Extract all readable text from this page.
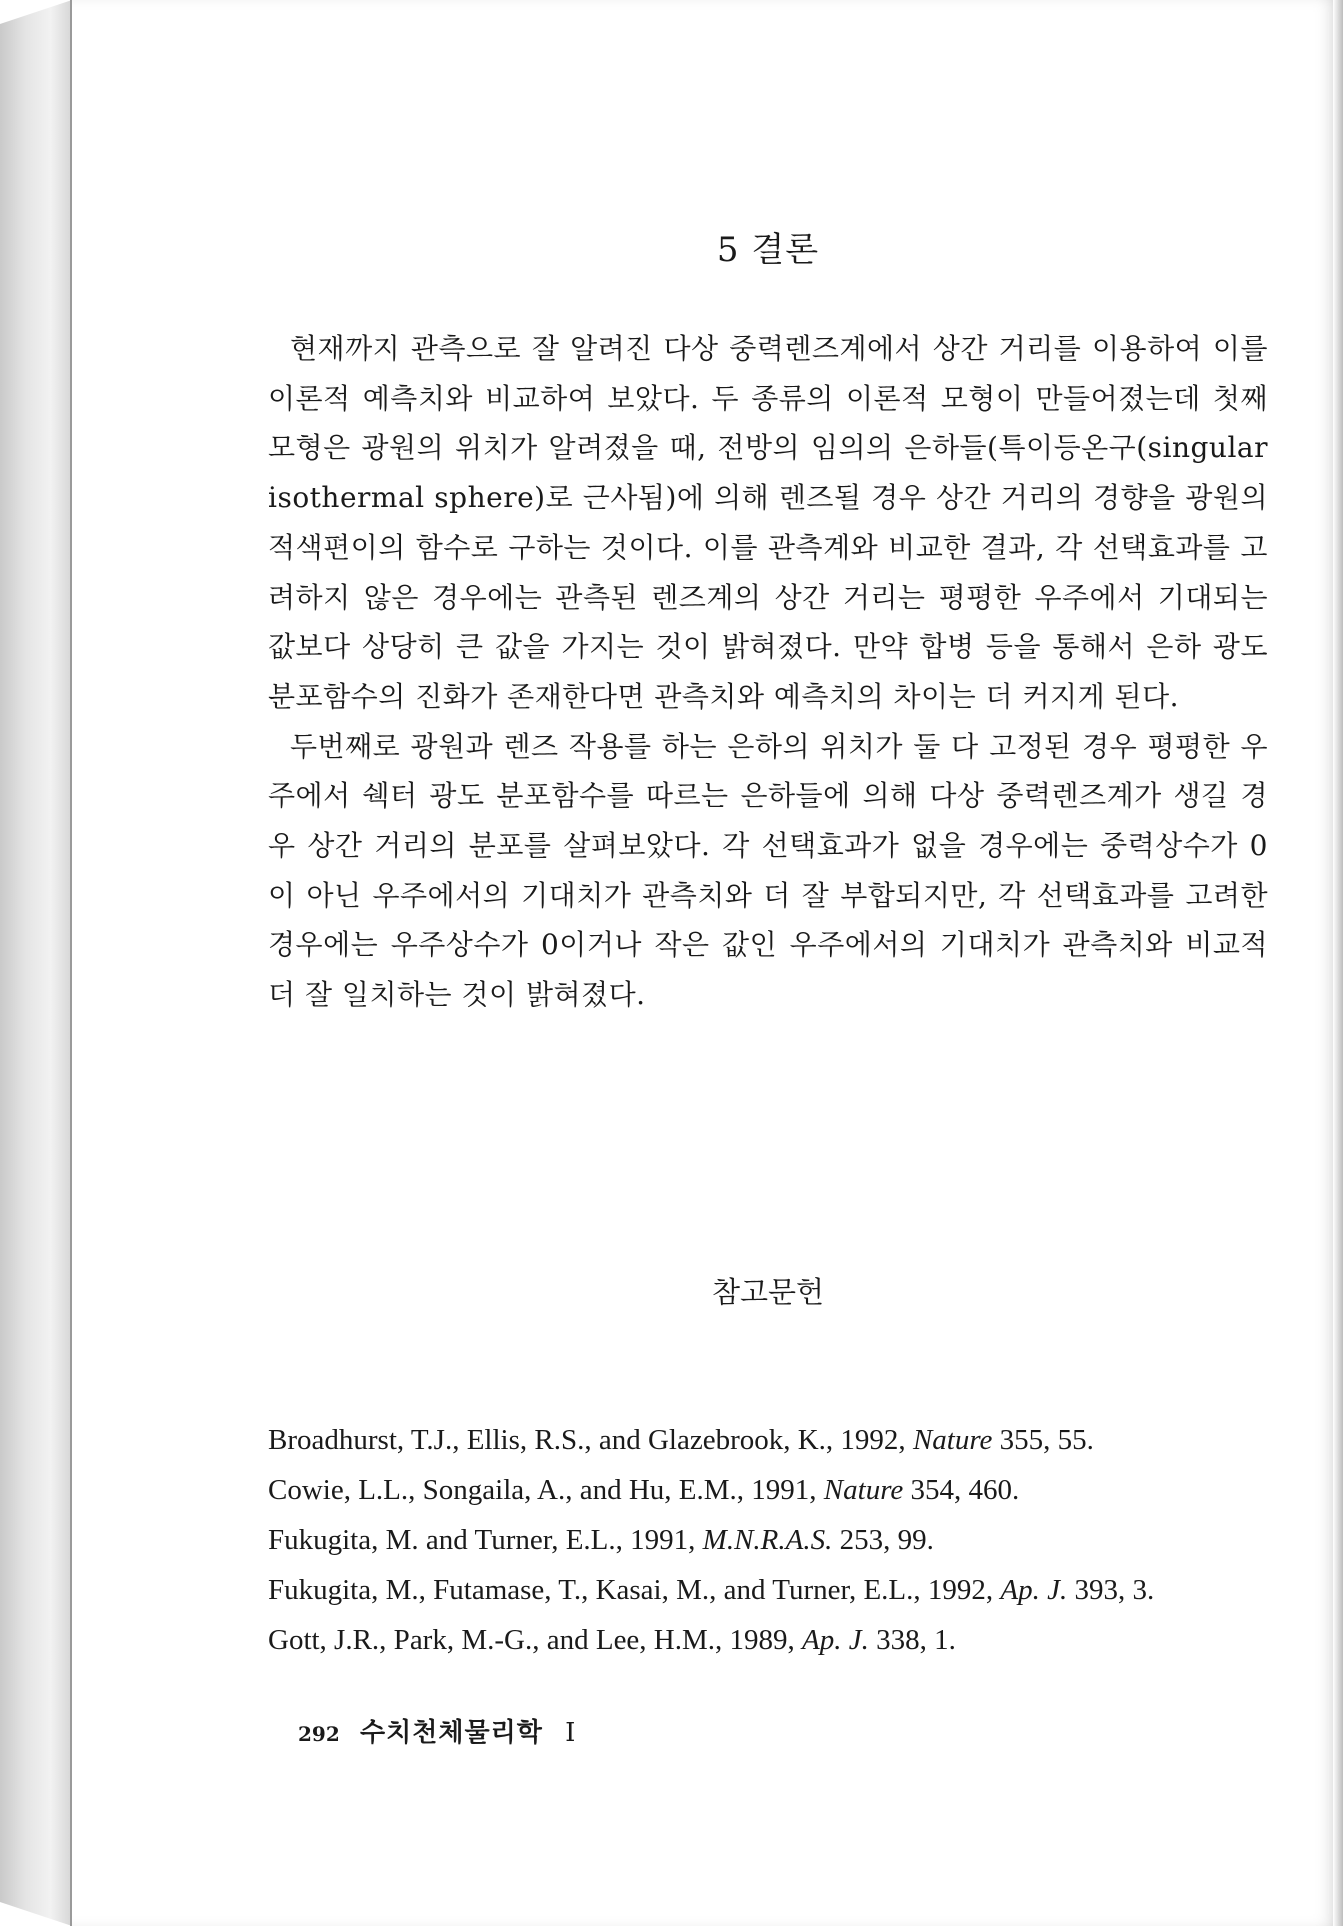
5 결론

현재까지 관측으로 잘 알려진 다상 중력렌즈계에서 상간 거리를 이용하여 이를 이론적 예측치와 비교하여 보았다. 두 종류의 이론적 모형이 만들어졌는데 첫째 모형은 광원의 위치가 알려졌을 때, 전방의 임의의 은하들(특이등온구(singular isothermal sphere)로 근사됨)에 의해 렌즈될 경우 상간 거리의 경향을 광원의 적색편이의 함수로 구하는 것이다. 이를 관측계와 비교한 결과, 각 선택효과를 고려하지 않은 경우에는 관측된 렌즈계의 상간 거리는 평평한 우주에서 기대되는 값보다 상당히 큰 값을 가지는 것이 밝혀졌다. 만약 합병 등을 통해서 은하 광도 분포함수의 진화가 존재한다면 관측치와 예측치의 차이는 더 커지게 된다.

두번째로 광원과 렌즈 작용를 하는 은하의 위치가 둘 다 고정된 경우 평평한 우주에서 쉑터 광도 분포함수를 따르는 은하들에 의해 다상 중력렌즈계가 생길 경우 상간 거리의 분포를 살펴보았다. 각 선택효과가 없을 경우에는 중력상수가 0이 아닌 우주에서의 기대치가 관측치와 더 잘 부합되지만, 각 선택효과를 고려한 경우에는 우주상수가 0이거나 작은 값인 우주에서의 기대치가 관측치와 비교적 더 잘 일치하는 것이 밝혀졌다.

참고문헌
Broadhurst, T.J., Ellis, R.S., and Glazebrook, K., 1992, Nature 355, 55.
Cowie, L.L., Songaila, A., and Hu, E.M., 1991, Nature 354, 460.
Fukugita, M. and Turner, E.L., 1991, M.N.R.A.S. 253, 99.
Fukugita, M., Futamase, T., Kasai, M., and Turner, E.L., 1992, Ap. J. 393, 3.
Gott, J.R., Park, M.-G., and Lee, H.M., 1989, Ap. J. 338, 1.
292 수치천체물리학 I
